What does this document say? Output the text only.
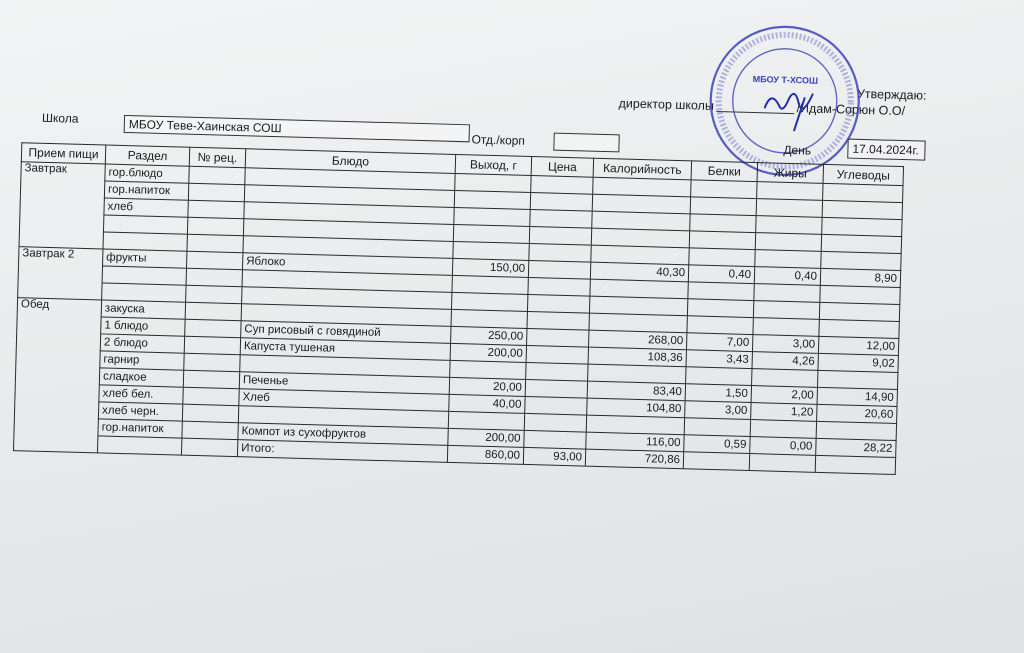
Утверждаю:
директор школы	/Идам-Сорюн О.О/
МБОУ Т-ХСОШ
Школа	МБОУ Теве-Хаинская СОШ
Отд./корп
День	17.04.2024г.
Прием пищи	Раздел	№ рец.	Блюдо	Выход, г	Цена	Калорийность	Белки	Жиры	Углеводы
Завтрак	гор.блюдо								
	гор.напиток								
	хлеб								

Завтрак 2	фрукты		Яблоко	150,00		40,30	0,40	0,40	8,90

Обед	закуска								
	1 блюдо		Суп рисовый с говядиной	250,00		268,00	7,00	3,00	12,00
	2 блюдо		Капуста тушеная	200,00		108,36	3,43	4,26	9,02
	гарнир								
	сладкое		Печенье	20,00		83,40	1,50	2,00	14,90
	хлеб бел.		Хлеб	40,00		104,80	3,00	1,20	20,60
	хлеб черн.								
	гор.напиток		Компот из сухофруктов	200,00		116,00	0,59	0,00	28,22
			Итого:	860,00	93,00	720,86			
